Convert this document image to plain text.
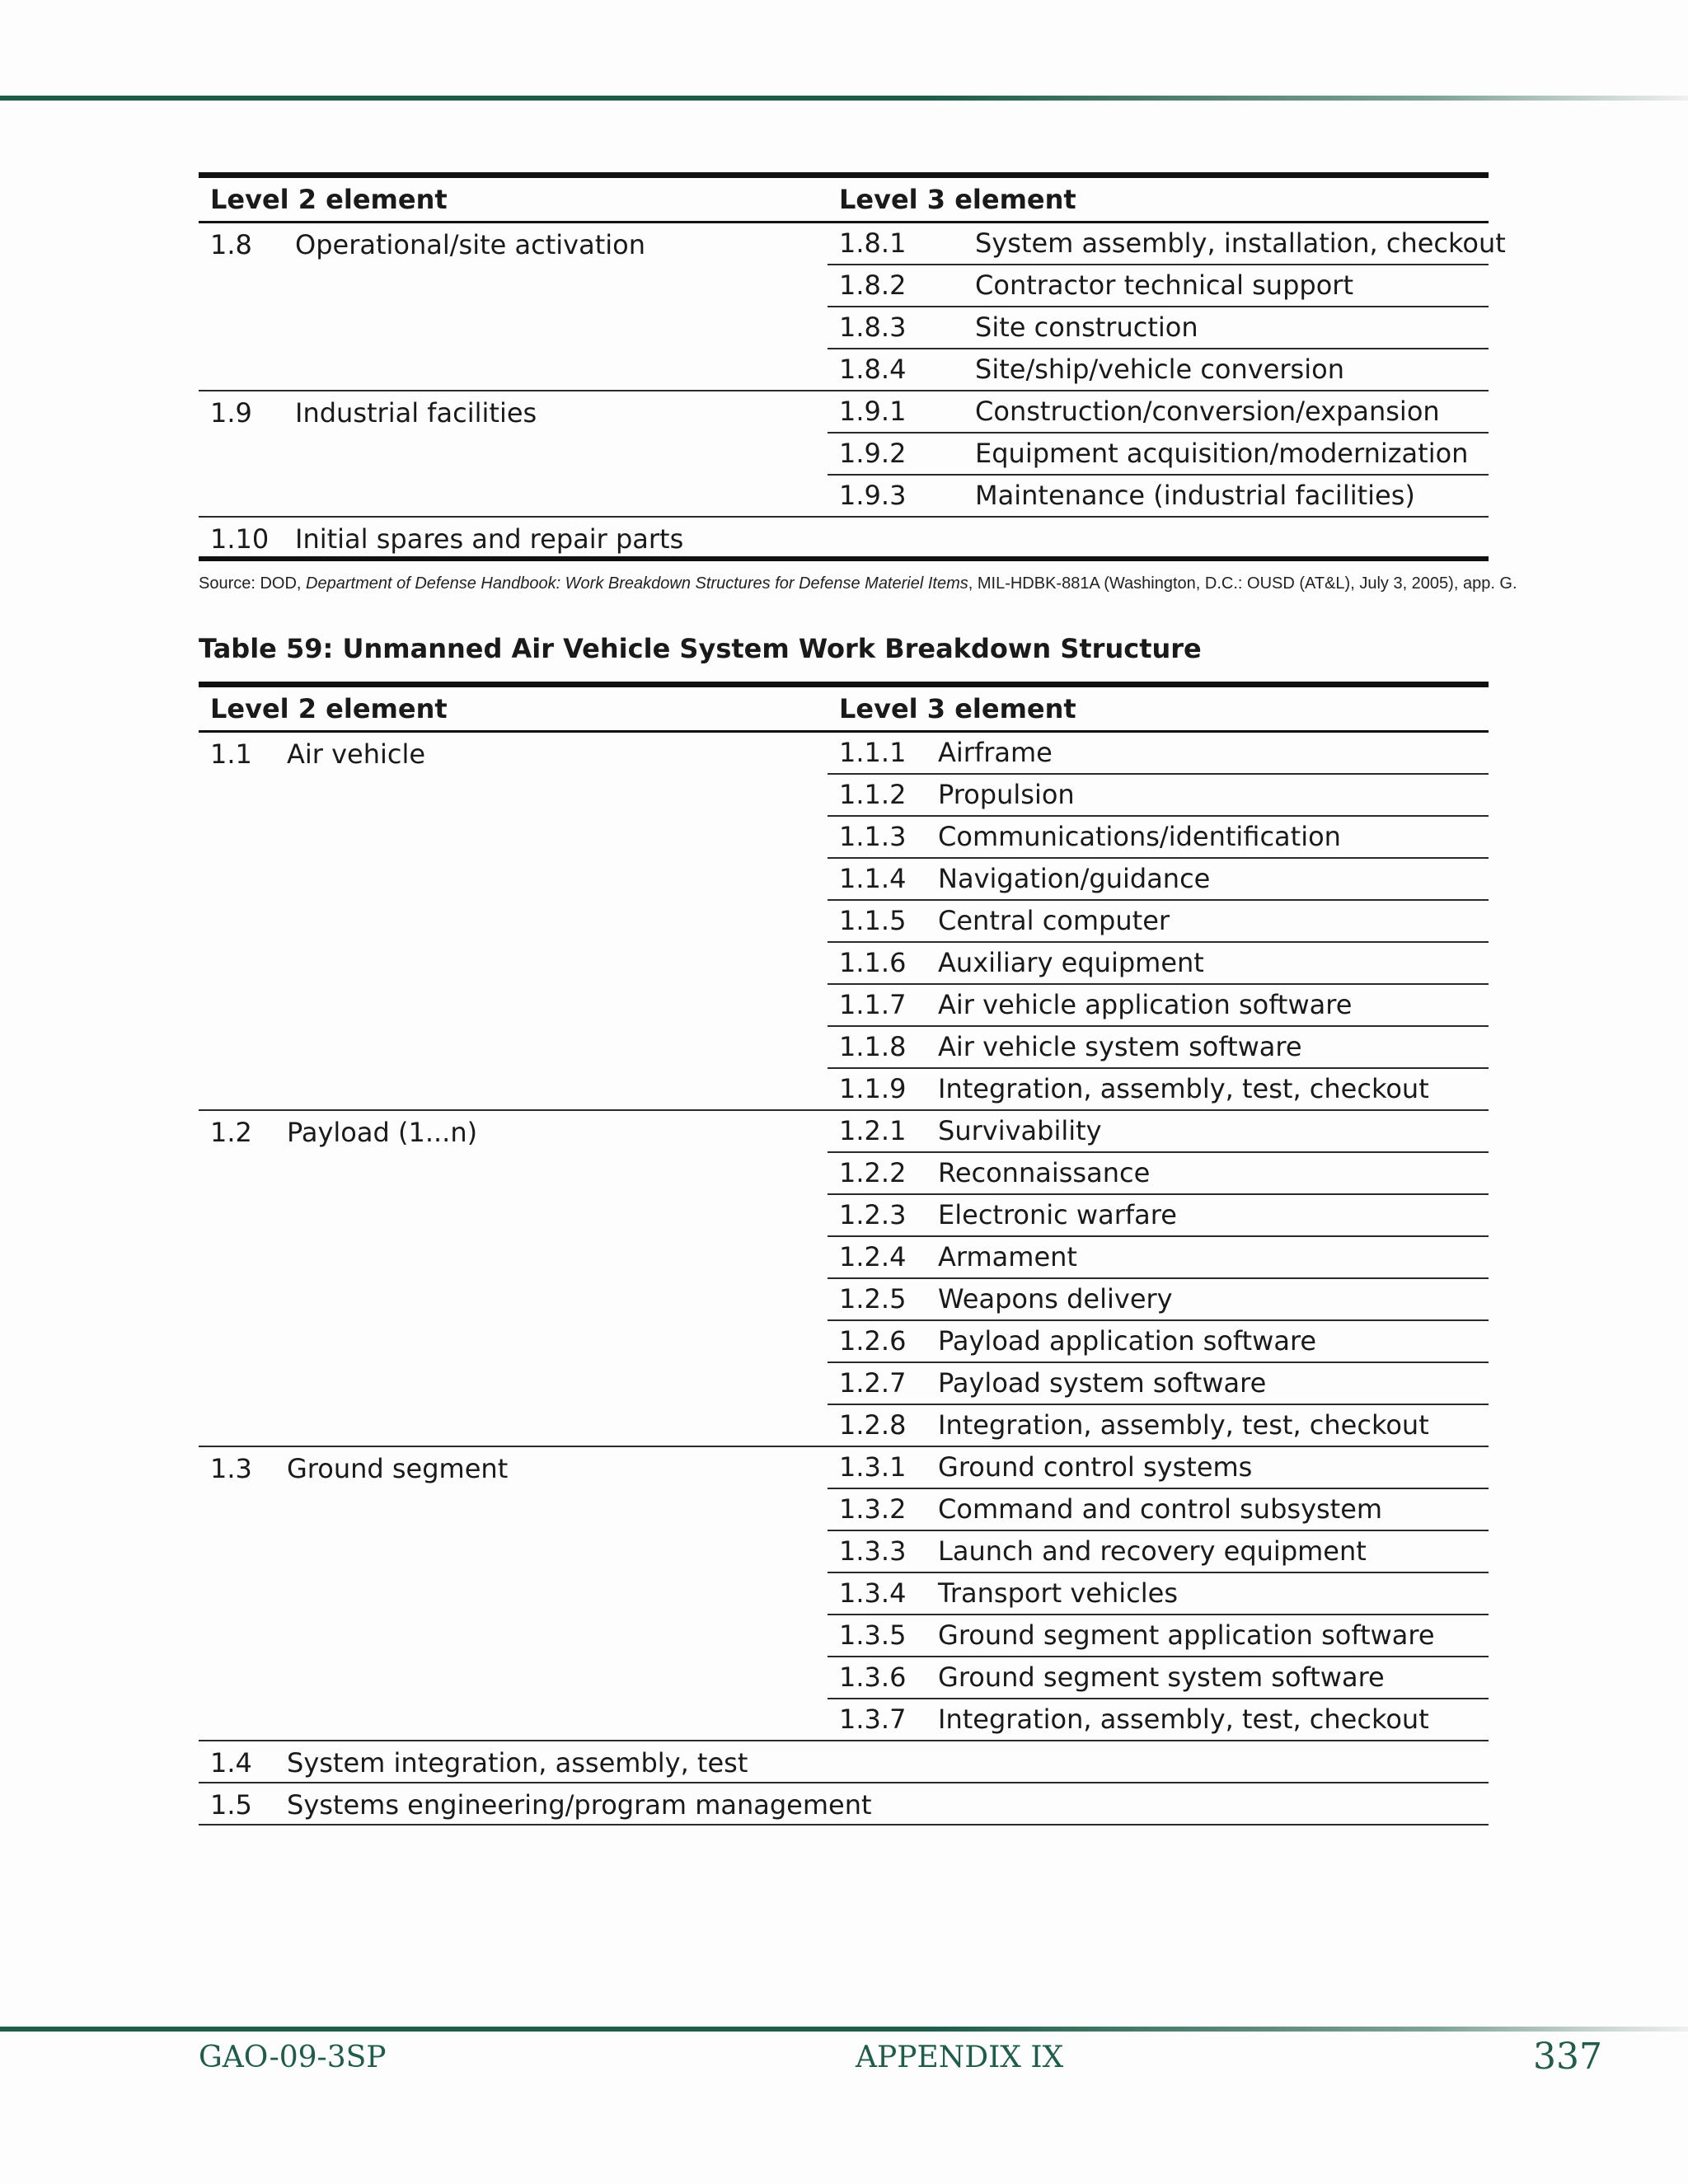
Level 2 element		Level 3 element	
1.8	Operational/site activation	1.8.1	System assembly, installation, checkout
		1.8.2	Contractor technical support
		1.8.3	Site construction
		1.8.4	Site/ship/vehicle conversion
1.9	Industrial facilities	1.9.1	Construction/conversion/expansion
		1.9.2	Equipment acquisition/modernization
		1.9.3	Maintenance (industrial facilities)
1.10	Initial spares and repair parts		
Source: DOD, Department of Defense Handbook: Work Breakdown Structures for Defense Materiel Items, MIL-HDBK-881A (Washington, D.C.: OUSD (AT&L), July 3, 2005), app. G.
Table 59: Unmanned Air Vehicle System Work Breakdown Structure
Level 2 element		Level 3 element	
1.1	Air vehicle	1.1.1	Airframe
		1.1.2	Propulsion
		1.1.3	Communications/identification
		1.1.4	Navigation/guidance
		1.1.5	Central computer
		1.1.6	Auxiliary equipment
		1.1.7	Air vehicle application software
		1.1.8	Air vehicle system software
		1.1.9	Integration, assembly, test, checkout
1.2	Payload (1...n)	1.2.1	Survivability
		1.2.2	Reconnaissance
		1.2.3	Electronic warfare
		1.2.4	Armament
		1.2.5	Weapons delivery
		1.2.6	Payload application software
		1.2.7	Payload system software
		1.2.8	Integration, assembly, test, checkout
1.3	Ground segment	1.3.1	Ground control systems
		1.3.2	Command and control subsystem
		1.3.3	Launch and recovery equipment
		1.3.4	Transport vehicles
		1.3.5	Ground segment application software
		1.3.6	Ground segment system software
		1.3.7	Integration, assembly, test, checkout
1.4	System integration, assembly, test		
1.5	Systems engineering/program management		
GAO-09-3SP	APPENDIX IX	337
